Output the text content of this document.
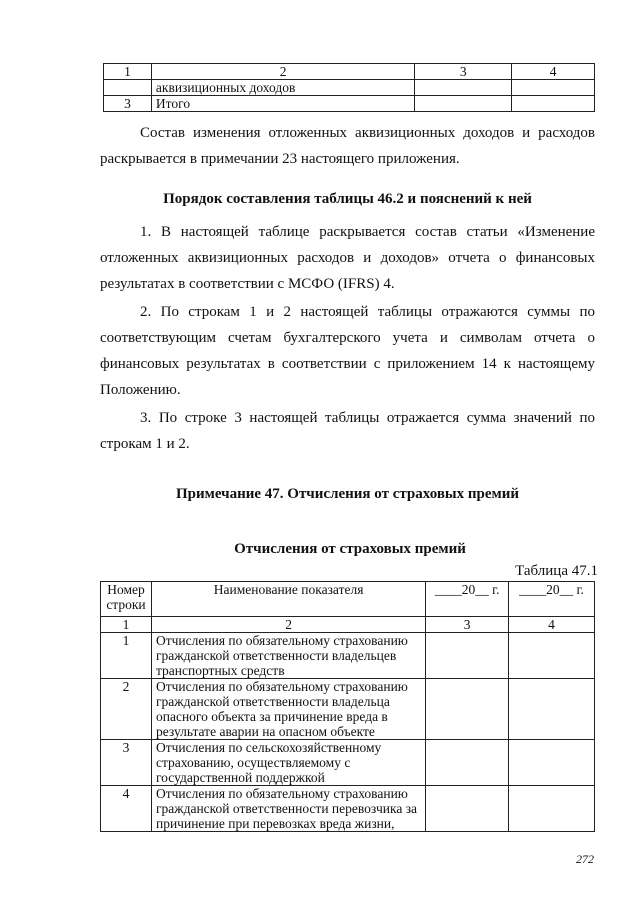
1	2	3	4
	аквизиционных доходов		
3	Итого		
Состав изменения отложенных аквизиционных доходов и расходов раскрывается в примечании 23 настоящего приложения.
Порядок составления таблицы 46.2 и пояснений к ней
1. В настоящей таблице раскрывается состав статьи «Изменение отложенных аквизиционных расходов и доходов» отчета о финансовых результатах в соответствии с МСФО (IFRS) 4.
2. По строкам 1 и 2 настоящей таблицы отражаются суммы по соответствующим счетам бухгалтерского учета и символам отчета о финансовых результатах в соответствии с приложением 14 к настоящему Положению.
3. По строке 3 настоящей таблицы отражается сумма значений по строкам 1 и 2.
Примечание 47. Отчисления от страховых премий
Отчисления от страховых премий
Таблица 47.1
Номер строки	Наименование показателя	____20__ г.	____20__ г.
1	2	3	4
1	Отчисления по обязательному страхованию гражданской ответственности владельцев транспортных средств		
2	Отчисления по обязательному страхованию гражданской ответственности владельца опасного объекта за причинение вреда в результате аварии на опасном объекте		
3	Отчисления по сельскохозяйственному страхованию, осуществляемому с государственной поддержкой		
4	Отчисления по обязательному страхованию гражданской ответственности перевозчика за причинение при перевозках вреда жизни,		
272
